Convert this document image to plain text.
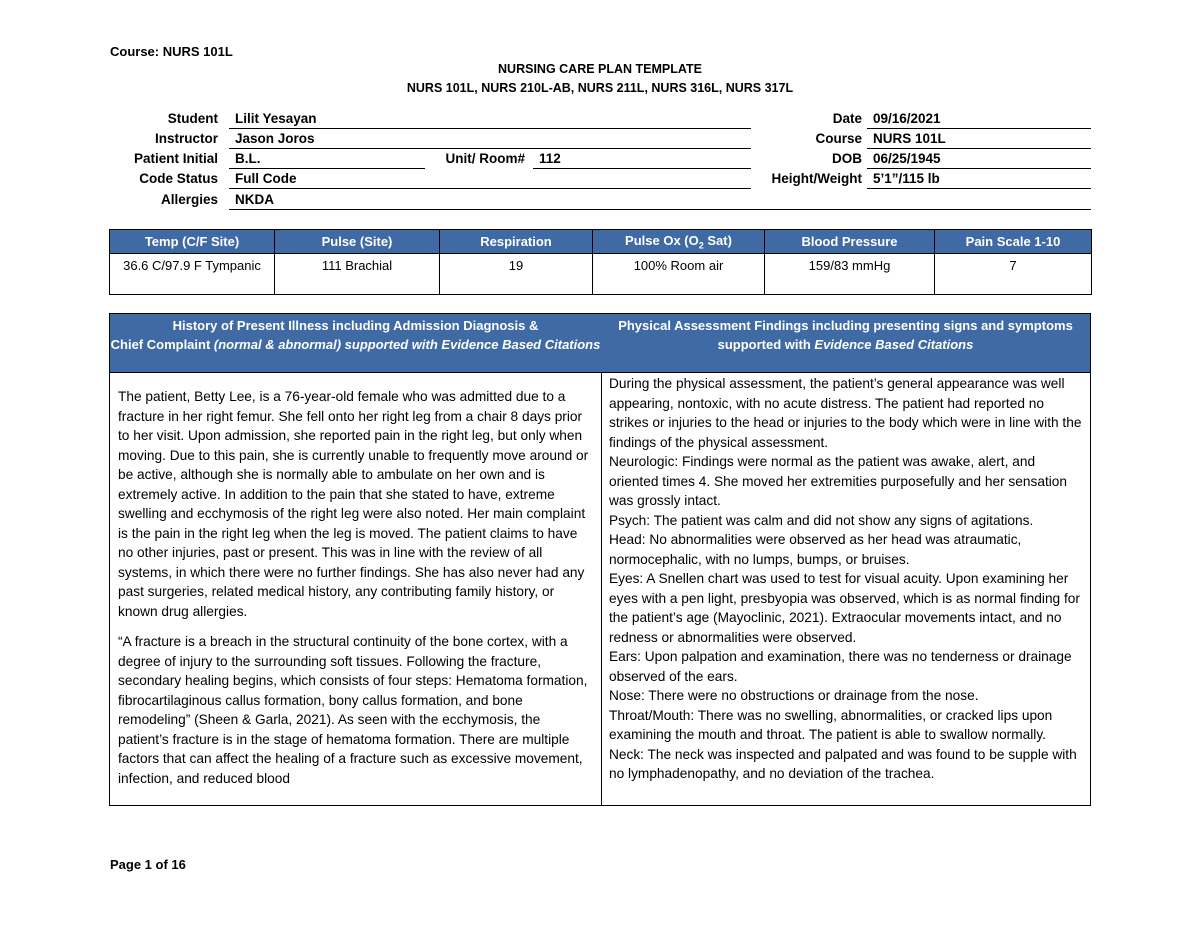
Course: NURS 101L
NURSING CARE PLAN TEMPLATE
NURS 101L, NURS 210L-AB, NURS 211L, NURS 316L, NURS 317L
Student	Lilit Yesayan
Instructor	Jason Joros
Patient Initial	B.L.	Unit/ Room#	112
Code Status	Full Code
Allergies	NKDA
Date 09/16/2021
Course NURS 101L
DOB 06/25/1945
Height/Weight 5’1”/115 lb
Temp (C/F Site)	Pulse (Site)	Respiration	Pulse Ox ($O_2$ Sat)	Blood Pressure	Pain Scale 1-10
36.6 C/97.9 F Tympanic	111 Brachial	19	100% Room air	159/83 mmHg	7
History of Present Illness including Admission Diagnosis &
Chief Complaint (normal & abnormal) supported with Evidence Based Citations

The patient, Betty Lee, is a 76-year-old female who was admitted due to a fracture in her right femur. She fell onto her right leg from a chair 8 days prior to her visit. Upon admission, she reported pain in the right leg, but only when moving. Due to this pain, she is currently unable to frequently move around or be active, although she is normally able to ambulate on her own and is extremely active. In addition to the pain that she stated to have, extreme swelling and ecchymosis of the right leg were also noted. Her main complaint is the pain in the right leg when the leg is moved. The patient claims to have no other injuries, past or present. This was in line with the review of all systems, in which there were no further findings. She has also never had any past surgeries, related medical history, any contributing family history, or known drug allergies.

“A fracture is a breach in the structural continuity of the bone cortex, with a degree of injury to the surrounding soft tissues. Following the fracture, secondary healing begins, which consists of four steps: Hematoma formation, fibrocartilaginous callus formation, bony callus formation, and bone remodeling” (Sheen & Garla, 2021). As seen with the ecchymosis, the patient’s fracture is in the stage of hematoma formation. There are multiple factors that can affect the healing of a fracture such as excessive movement, infection, and reduced blood

Physical Assessment Findings including presenting signs and symptoms
supported with Evidence Based Citations

During the physical assessment, the patient’s general appearance was well appearing, nontoxic, with no acute distress. The patient had reported no strikes or injuries to the head or injuries to the body which were in line with the findings of the physical assessment.

Neurologic: Findings were normal as the patient was awake, alert, and oriented times 4. She moved her extremities purposefully and her sensation was grossly intact.

Psych: The patient was calm and did not show any signs of agitations.

Head: No abnormalities were observed as her head was atraumatic, normocephalic, with no lumps, bumps, or bruises.

Eyes: A Snellen chart was used to test for visual acuity. Upon examining her eyes with a pen light, presbyopia was observed, which is as normal finding for the patient’s age (Mayoclinic, 2021). Extraocular movements intact, and no redness or abnormalities were observed.

Ears: Upon palpation and examination, there was no tenderness or drainage observed of the ears.

Nose: There were no obstructions or drainage from the nose.

Throat/Mouth: There was no swelling, abnormalities, or cracked lips upon examining the mouth and throat. The patient is able to swallow normally.

Neck: The neck was inspected and palpated and was found to be supple with no lymphadenopathy, and no deviation of the trachea.

Page 1 of 16
